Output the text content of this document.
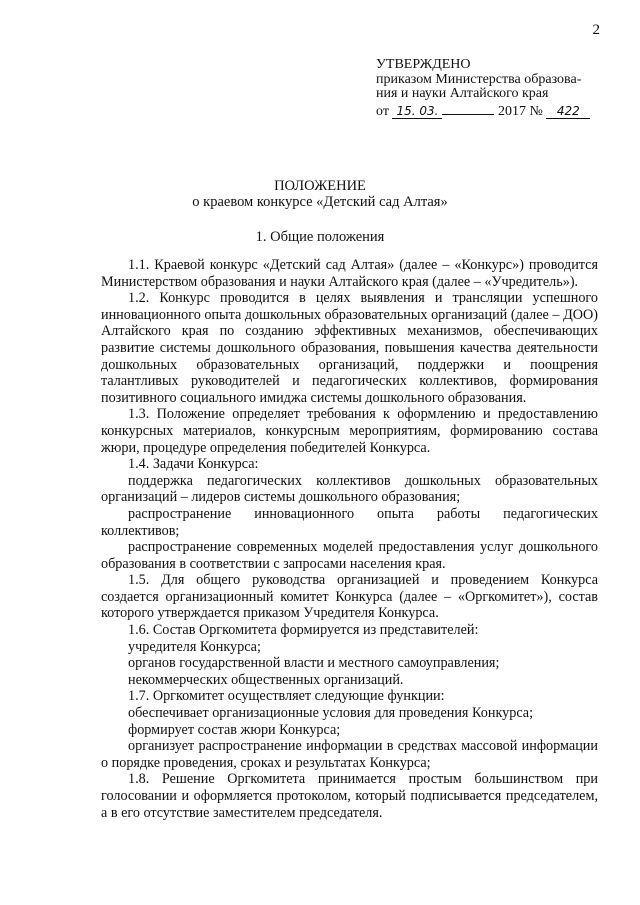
2
УТВЕРЖДЕНО
приказом Министерства образова-
ния и науки Алтайского края
от 15. 03.	2017 № 422
ПОЛОЖЕНИЕ
о краевом конкурсе «Детский сад Алтая»
1. Общие положения

1.1. Краевой конкурс «Детский сад Алтая» (далее – «Конкурс») проводится Министерством образования и науки Алтайского края (далее – «Учредитель»).

1.2. Конкурс проводится в целях выявления и трансляции успешного инновационного опыта дошкольных образовательных организаций (далее – ДОО) Алтайского края по созданию эффективных механизмов, обеспечивающих развитие системы дошкольного образования, повышения качества деятельности дошкольных образовательных организаций, поддержки и поощрения талантливых руководителей и педагогических коллективов, формирования позитивного социального имиджа системы дошкольного образования.

1.3. Положение определяет требования к оформлению и предоставлению конкурсных материалов, конкурсным мероприятиям, формированию состава жюри, процедуре определения победителей Конкурса.

1.4. Задачи Конкурса:

поддержка педагогических коллективов дошкольных образовательных организаций – лидеров системы дошкольного образования;

распространение инновационного опыта работы педагогических коллективов;

распространение современных моделей предоставления услуг дошкольного образования в соответствии с запросами населения края.

1.5. Для общего руководства организацией и проведением Конкурса создается организационный комитет Конкурса (далее – «Оргкомитет»), состав которого утверждается приказом Учредителя Конкурса.

1.6. Состав Оргкомитета формируется из представителей:

учредителя Конкурса;

органов государственной власти и местного самоуправления;

некоммерческих общественных организаций.

1.7. Оргкомитет осуществляет следующие функции:

обеспечивает организационные условия для проведения Конкурса;

формирует состав жюри Конкурса;

организует распространение информации в средствах массовой информации о порядке проведения, сроках и результатах Конкурса;

1.8. Решение Оргкомитета принимается простым большинством при голосовании и оформляется протоколом, который подписывается председателем, а в его отсутствие заместителем председателя.
